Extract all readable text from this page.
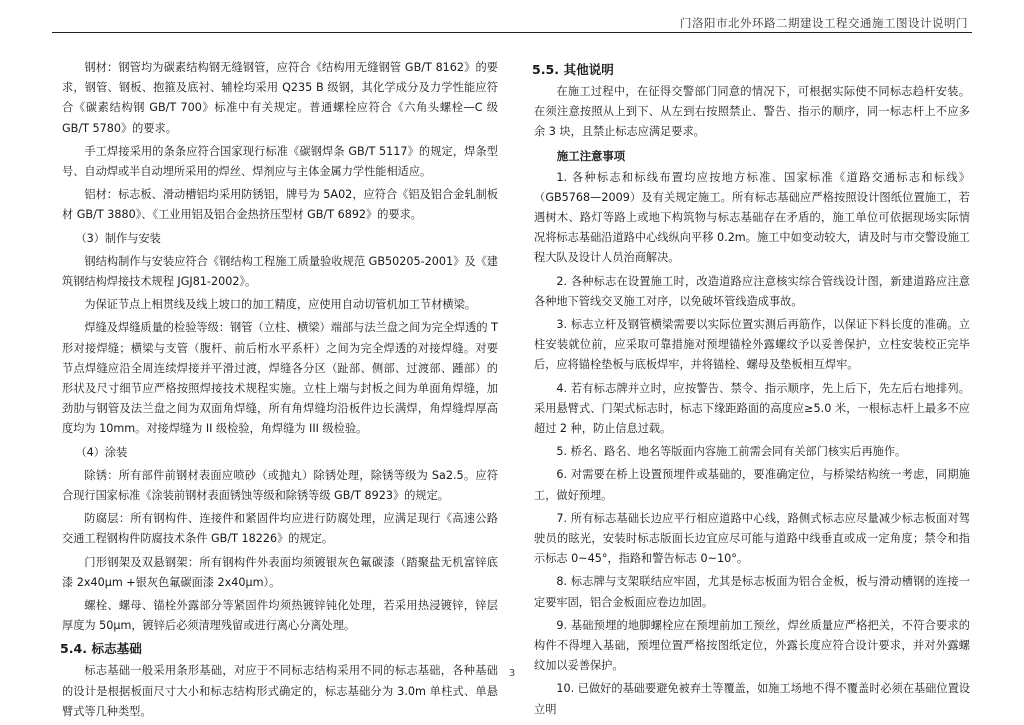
门洛阳市北外环路二期建设工程交通施工图设计说明门

钢材：钢管均为碳素结构钢无缝钢管，应符合《结构用无缝钢管 GB/T 8162》的要求，钢管、钢板、抱箍及底衬、辅栓均采用 Q235 B 级钢，其化学成分及力学性能应符合《碳素结构钢 GB/T 700》标准中有关规定。普通螺栓应符合《六角头螺栓—C 级 GB/T 5780》的要求。

手工焊接采用的条条应符合国家现行标准《碳钢焊条 GB/T 5117》的规定，焊条型号、自动焊或半自动埋所采用的焊丝、焊剂应与主体金属力学性能相适应。

铝材：标志板、滑动槽铝均采用防锈铝，牌号为 5A02，应符合《铝及铝合金轧制板材 GB/T 3880》、《工业用铝及铝合金热挤压型材 GB/T 6892》的要求。

（3）制作与安装

钢结构制作与安装应符合《钢结构工程施工质量验收规范 GB50205-2001》及《建筑钢结构焊接技术规程 JGJ81-2002》。

为保证节点上相贯线及线上坡口的加工精度，应使用自动切管机加工节材横梁。

焊缝及焊缝质量的检验等级：钢管（立柱、横梁）端部与法兰盘之间为完全焊透的 T 形对接焊缝；横梁与支管（腹杆、前后桁水平系杆）之间为完全焊透的对接焊缝。对要节点焊缝应沿全周连续焊接并平滑过渡，焊缝各分区（趾部、侧部、过渡部、踵部）的形状及尺寸细节应严格按照焊接技术规程实施。立柱上端与封板之间为单面角焊缝，加劲肋与钢管及法兰盘之间为双面角焊缝，所有角焊缝均沿板件边长满焊，角焊缝焊厚高度均为 10mm。对接焊缝为 II 级检验，角焊缝为 III 级检验。

（4）涂装

除锈：所有部件前钢材表面应喷砂（或抛丸）除锈处理，除锈等级为 Sa2.5。应符合现行国家标准《涂装前钢材表面锈蚀等级和除锈等级 GB/T 8923》的规定。

防腐层：所有钢构件、连接件和紧固件均应进行防腐处理，应满足现行《高速公路交通工程钢构件防腐技术条件 GB/T 18226》的规定。

门形钢架及双悬钢架：所有钢构件外表面均须镀银灰色氟碳漆（踏聚盐无机富锌底漆 2x40μm +银灰色氟碳面漆 2x40μm）。

螺栓、螺母、锚栓外露部分等紧固件均须热镀锌钝化处理，若采用热浸镀锌，锌层厚度为 50μm，镀锌后必须清理残留或进行离心分离处理。

5.4. 标志基础

标志基础一般采用条形基础，对应于不同标志结构采用不同的标志基础，各种基础的设计是根据板面尺寸大小和标志结构形式确定的，标志基础分为 3.0m 单柱式、单悬臂式等几种类型。

5.5. 其他说明

在施工过程中，在征得交警部门同意的情况下，可根据实际使不同标志趋杆安装。在须注意按照从上到下、从左到右按照禁止、警告、指示的顺序，同一标志杆上不应多余 3 块，且禁止标志应满足要求。

施工注意事项

1. 各种标志和标线布置均应按地方标准、国家标准《道路交通标志和标线》（GB5768—2009）及有关规定施工。所有标志基础应严格按照设计图纸位置施工，若遇树木、路灯等路上或地下构筑物与标志基础存在矛盾的，施工单位可依据现场实际情况将标志基础沿道路中心线纵向平移 0.2m。施工中如变动较大，请及时与市交警设施工程大队及设计人员治商解决。

2. 各种标志在设置施工时，改造道路应注意核实综合管线设计图，新建道路应注意各种地下管线交叉施工对序，以免破坏管线造成事故。

3. 标志立杆及钢管横梁需要以实际位置实测后再筋作，以保证下料长度的准确。立柱安装就位前，应采取可靠措施对预埋锚栓外露螺纹予以妥善保护，立柱安装校正完毕后，应将锚栓垫板与底板焊牢，并将锚栓、螺母及垫板相互焊牢。

4. 若有标志牌并立时，应按警告、禁令、指示顺序，先上后下，先左后右地排列。采用悬臂式、门架式标志时，标志下缘距路面的高度应≥5.0 米，一根标志杆上最多不应超过 2 种，防止信息过载。

5. 桥名、路名、地名等版面内容施工前需会同有关部门核实后再施作。

6. 对需要在桥上设置预埋件或基础的，要准确定位，与桥梁结构统一考虑，同期施工，做好预埋。

7. 所有标志基础长边应平行相应道路中心线，路侧式标志应尽量减少标志板面对驾驶员的眩光，安装时标志版面长边宜应尽可能与道路中线垂直或成一定角度；禁令和指示标志 0~45°，指路和警告标志 0~10°。

8. 标志牌与支架联结应牢固，尤其是标志板面为铝合金板，板与滑动槽钢的连接一定要牢固，铝合金板面应卷边加固。

9. 基础预埋的地脚螺栓应在预埋前加工预丝，焊丝质量应严格把关，不符合要求的构件不得埋入基础，预埋位置严格按图纸定位，外露长度应符合设计要求，并对外露螺纹加以妥善保护。

10. 已做好的基础要避免被弃土等覆盖，如施工场地不得不覆盖时必须在基础位置设立明

3
